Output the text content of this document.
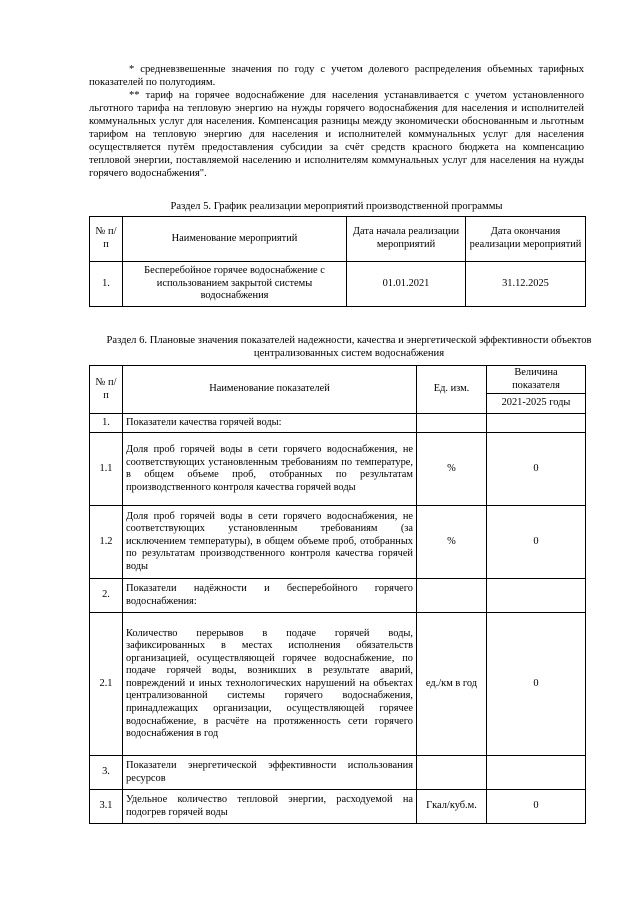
* средневзвешенные значения по году с учетом долевого распределения объемных тарифных показателей по полугодиям.

** тариф на горячее водоснабжение для населения устанавливается с учетом установленного льготного тарифа на тепловую энергию на нужды горячего водоснабжения для населения и исполнителей коммунальных услуг для населения. Компенсация разницы между экономически обоснованным и льготным тарифом на тепловую энергию для населения и исполнителей коммунальных услуг для населения осуществляется путём предоставления субсидии за счёт средств красного бюджета на компенсацию тепловой энергии, поставляемой населению и исполнителям коммунальных услуг для населения на нужды горячего водоснабжения".

Раздел 5. График реализации мероприятий производственной программы

№ п/п	Наименование мероприятий	Дата начала реализации мероприятий	Дата окончания реализации мероприятий
1.	Бесперебойное горячее водоснабжение с использованием закрытой системы водоснабжения	01.01.2021	31.12.2025

Раздел 6. Плановые значения показателей надежности, качества и энергетической эффективности объектов централизованных систем водоснабжения

№ п/п	Наименование показателей	Ед. изм.	Величина показателя
			2021-2025 годы
1.	Показатели качества горячей воды:		
1.1	Доля проб горячей воды в сети горячего водоснабжения, не соответствующих установленным требованиям по температуре, в общем объеме проб, отобранных по результатам производственного контроля качества горячей воды	%	0
1.2	Доля проб горячей воды в сети горячего водоснабжения, не соответствующих установленным требованиям (за исключением температуры), в общем объеме проб, отобранных по результатам производственного контроля качества горячей воды	%	0
2.	Показатели надёжности и бесперебойного горячего водоснабжения:		
2.1	Количество перерывов в подаче горячей воды, зафиксированных в местах исполнения обязательств организацией, осуществляющей горячее водоснабжение, по подаче горячей воды, возникших в результате аварий, повреждений и иных технологических нарушений на объектах централизованной системы горячего водоснабжения, принадлежащих организации, осуществляющей горячее водоснабжение, в расчёте на протяженность сети горячего водоснабжения в год	ед./км в год	0
3.	Показатели энергетической эффективности использования ресурсов		
3.1	Удельное количество тепловой энергии, расходуемой на подогрев горячей воды	Гкал/куб.м.	0
